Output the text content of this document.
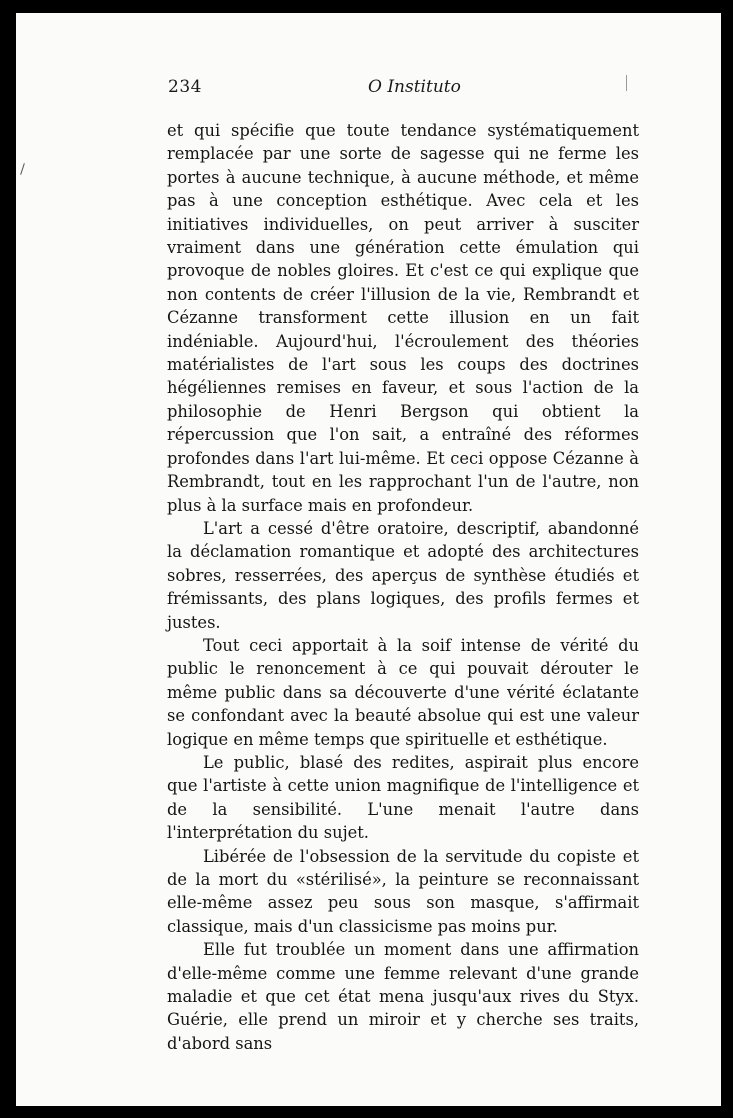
234	O Instituto

et qui spécifie que toute tendance systématiquement remplacée par une sorte de sagesse qui ne ferme les portes à aucune technique, à aucune méthode, et même pas à une conception esthétique. Avec cela et les initiatives individuelles, on peut arriver à susciter vraiment dans une génération cette émulation qui provoque de nobles gloires. Et c'est ce qui explique que non contents de créer l'illusion de la vie, Rembrandt et Cézanne transforment cette illusion en un fait indéniable. Aujourd'hui, l'écroulement des théories matérialistes de l'art sous les coups des doctrines hégéliennes remises en faveur, et sous l'action de la philosophie de Henri Bergson qui obtient la répercussion que l'on sait, a entraîné des réformes profondes dans l'art lui-même. Et ceci oppose Cézanne à Rembrandt, tout en les rapprochant l'un de l'autre, non plus à la surface mais en profondeur.

L'art a cessé d'être oratoire, descriptif, abandonné la déclamation romantique et adopté des architectures sobres, resserrées, des aperçus de synthèse étudiés et frémissants, des plans logiques, des profils fermes et justes.

Tout ceci apportait à la soif intense de vérité du public le renoncement à ce qui pouvait dérouter le même public dans sa découverte d'une vérité éclatante se confondant avec la beauté absolue qui est une valeur logique en même temps que spirituelle et esthétique.

Le public, blasé des redites, aspirait plus encore que l'artiste à cette union magnifique de l'intelligence et de la sensibilité. L'une menait l'autre dans l'interprétation du sujet.

Libérée de l'obsession de la servitude du copiste et de la mort du «stérilisé», la peinture se reconnaissant elle-même assez peu sous son masque, s'affirmait classique, mais d'un classicisme pas moins pur.

Elle fut troublée un moment dans une affirmation d'elle-même comme une femme relevant d'une grande maladie et que cet état mena jusqu'aux rives du Styx. Guérie, elle prend un miroir et y cherche ses traits, d'abord sans
